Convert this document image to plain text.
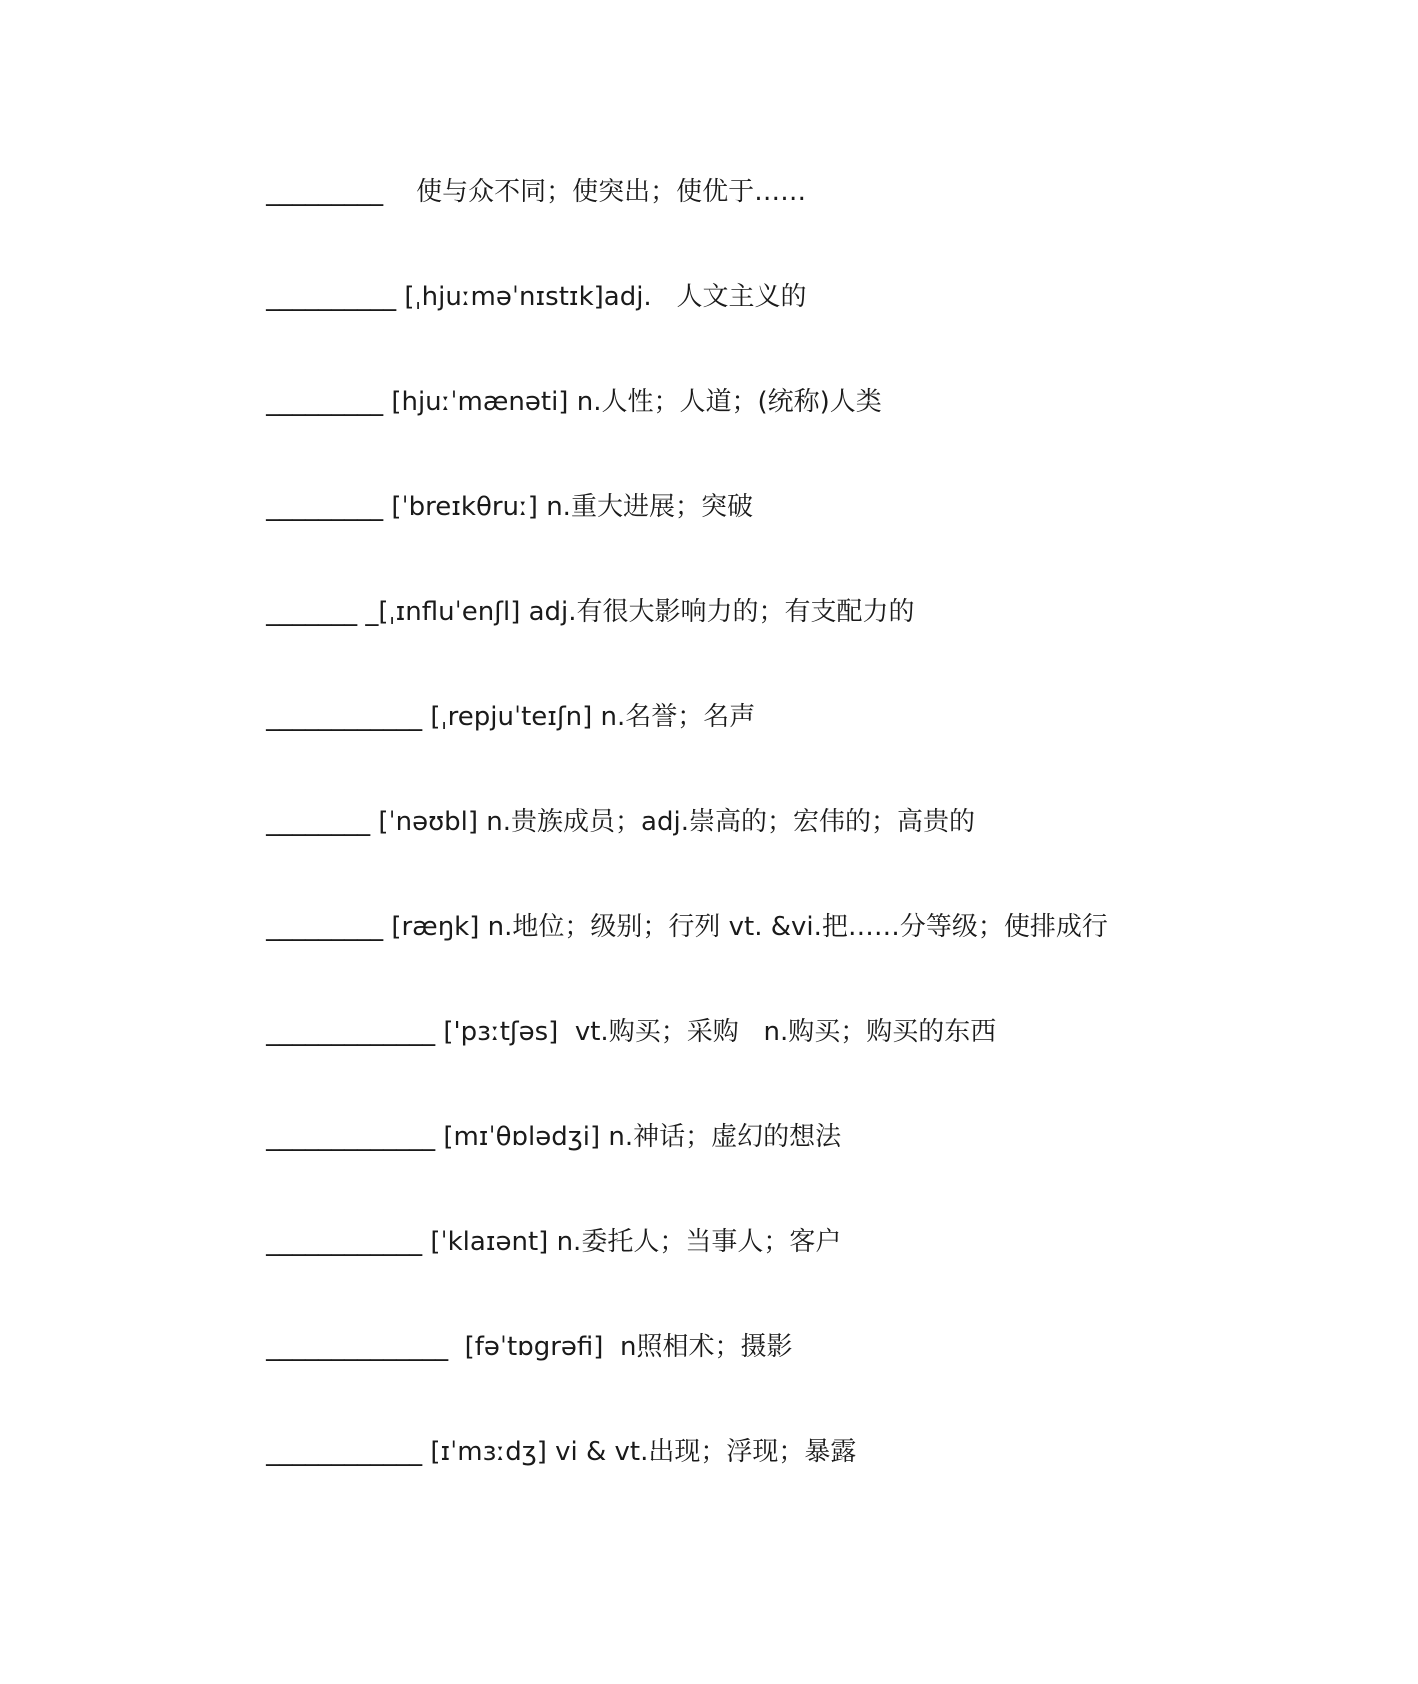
_________    使与众不同；使突出；使优于……

__________ [ˌhjuːməˈnɪstɪk]adj.   人文主义的

_________ [hjuːˈmænəti] n.人性；人道；(统称)人类

_________ [ˈbreɪkθruː] n.重大进展；突破

_______ _[ˌɪnfluˈenʃl] adj.有很大影响力的；有支配力的

____________ [ˌrepjuˈteɪʃn] n.名誉；名声

________ [ˈnəʊbl] n.贵族成员；adj.崇高的；宏伟的；高贵的

_________ [ræŋk] n.地位；级别；行列 vt. &vi.把……分等级；使排成行

_____________ ['pɜːtʃəs]  vt.购买；采购   n.购买；购买的东西

_____________ [mɪˈθɒlədʒi] n.神话；虚幻的想法

____________ [ˈklaɪənt] n.委托人；当事人；客户

______________  [fəˈtɒgrəfi]  n照相术；摄影

____________ [ɪˈmɜːdʒ] vi & vt.出现；浮现；暴露
